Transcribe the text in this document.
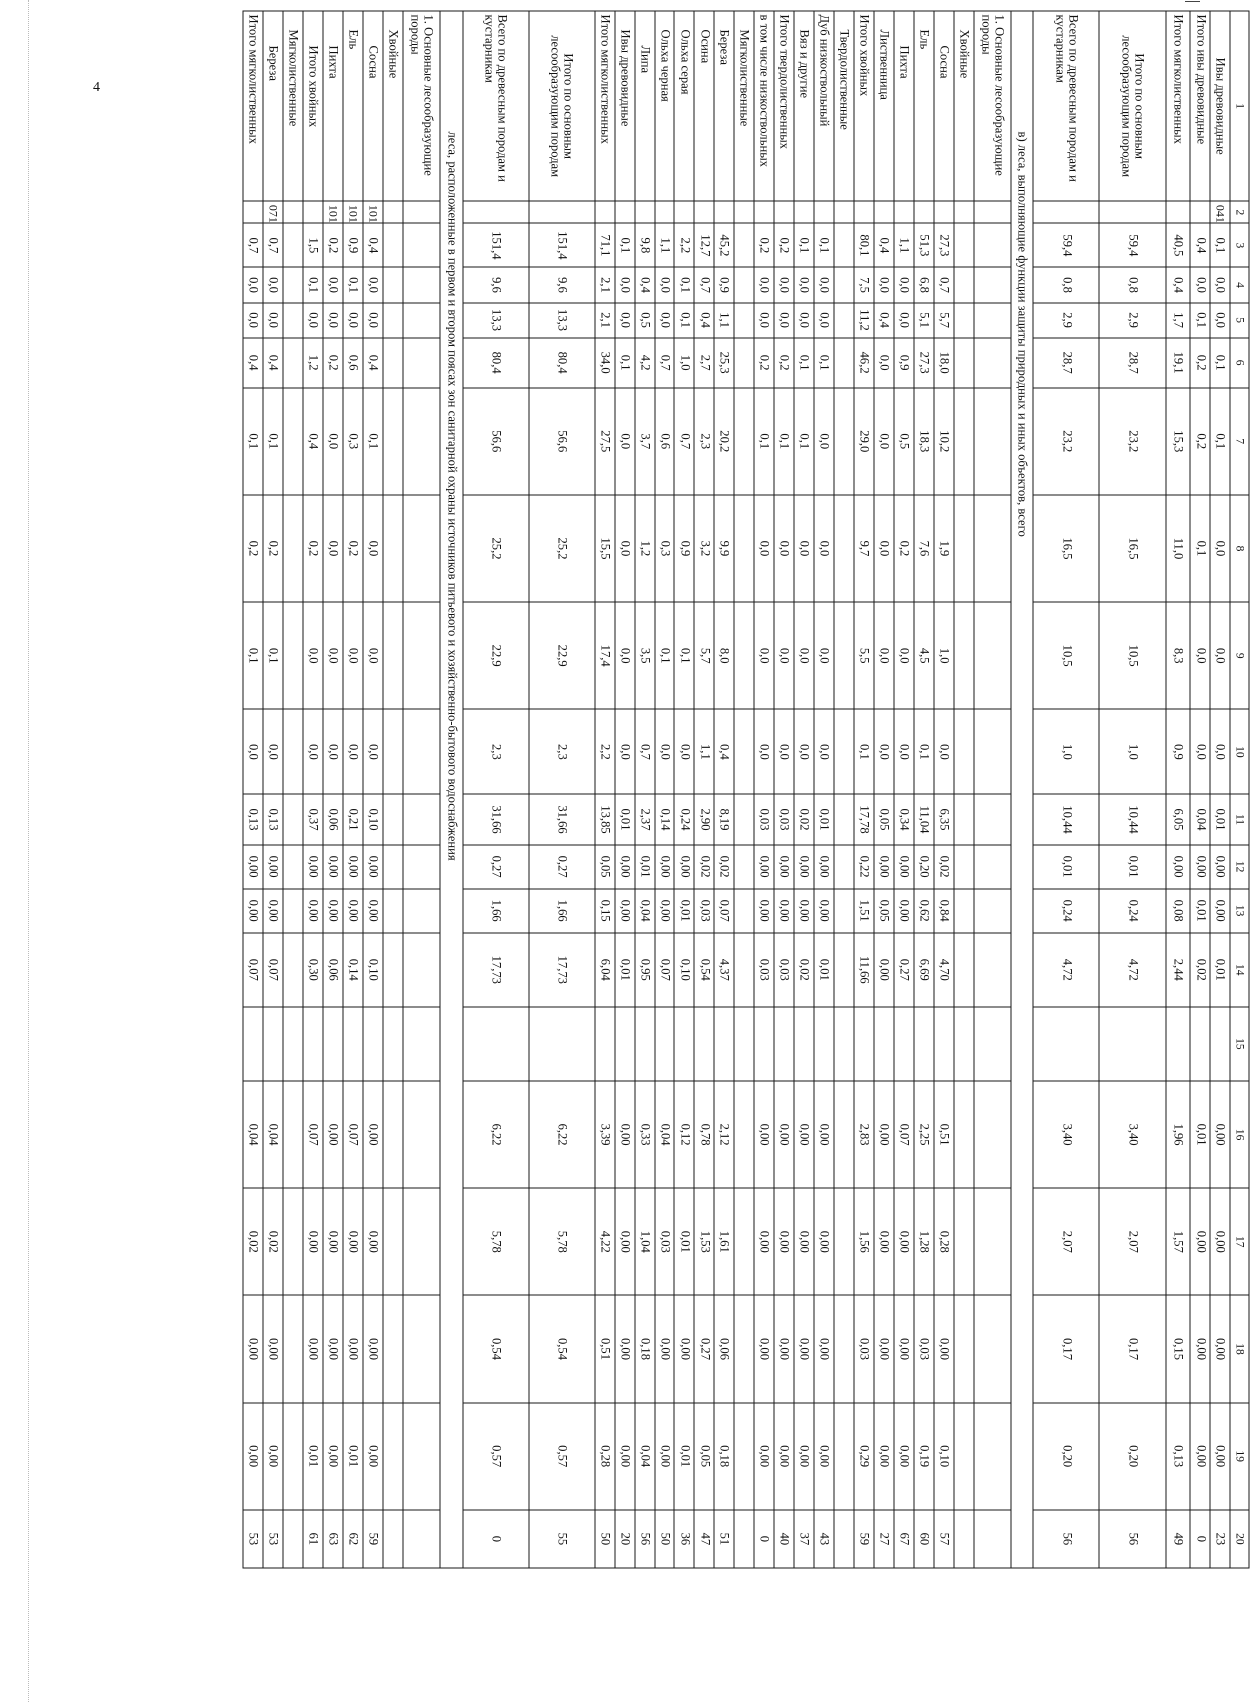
4
1	2	3	4	5	6	7	8	9	10	11	12	13	14	15	16	17	18	19	20
Ивы древовидные	041	0,1	0,0	0,0	0,1	0,1	0,0	0,0	0,0	0,01	0,00	0,00	0,01		0,00	0,00	0,00	0,00	23
Итого ивы древовидные		0,4	0,0	0,1	0,2	0,2	0,1	0,0	0,0	0,04	0,00	0,01	0,02		0,01	0,00	0,00	0,00	0
Итого мягколиственных		40,5	0,4	1,7	19,1	15,3	11,0	8,3	0,9	6,05	0,00	0,08	2,44		1,96	1,57	0,15	0,13	49
Итого по основным лесообразующим породам		59,4	0,8	2,9	28,7	23,2	16,5	10,5	1,0	10,44	0,01	0,24	4,72		3,40	2,07	0,17	0,20	56
Всего по древесным породам и кустарникам		59,4	0,8	2,9	28,7	23,2	16,5	10,5	1,0	10,44	0,01	0,24	4,72		3,40	2,07	0,17	0,20	56
в) леса, выполняющие функции защиты природных и иных объектов, всего																			
1. Основные лесообразующие породы																			
Хвойные																			
Сосна		27,3	0,7	5,7	18,0	10,2	1,9	1,0	0,0	6,35	0,02	0,84	4,70		0,51	0,28	0,00	0,10	57
Ель		51,3	6,8	5,1	27,3	18,3	7,6	4,5	0,1	11,04	0,20	0,62	6,69		2,25	1,28	0,03	0,19	60
Пихта		1,1	0,0	0,0	0,9	0,5	0,2	0,0	0,0	0,34	0,00	0,00	0,27		0,07	0,00	0,00	0,00	67
Лиственница		0,4	0,0	0,4	0,0	0,0	0,0	0,0	0,0	0,05	0,00	0,05	0,00		0,00	0,00	0,00	0,00	27
Итого хвойных		80,1	7,5	11,2	46,2	29,0	9,7	5,5	0,1	17,78	0,22	1,51	11,66		2,83	1,56	0,03	0,29	59
Твердолиственные																			
Дуб низкоствольный		0,1	0,0	0,0	0,1	0,0	0,0	0,0	0,0	0,01	0,00	0,00	0,01		0,00	0,00	0,00	0,00	43
Вяз и другие		0,1	0,0	0,0	0,1	0,1	0,0	0,0	0,0	0,02	0,00	0,00	0,02		0,00	0,00	0,00	0,00	37
Итого твердолиственных		0,2	0,0	0,0	0,2	0,1	0,0	0,0	0,0	0,03	0,00	0,00	0,03		0,00	0,00	0,00	0,00	40
в том числе низкоствольных		0,2	0,0	0,0	0,2	0,1	0,0	0,0	0,0	0,03	0,00	0,00	0,03		0,00	0,00	0,00	0,00	0
Мягколиственные																			
Береза		45,2	0,9	1,1	25,3	20,2	9,9	8,0	0,4	8,19	0,02	0,07	4,37		2,12	1,61	0,06	0,18	51
Осина		12,7	0,7	0,4	2,7	2,3	3,2	5,7	1,1	2,90	0,02	0,03	0,54		0,78	1,53	0,27	0,05	47
Ольха серая		2,2	0,1	0,1	1,0	0,7	0,9	0,1	0,0	0,24	0,00	0,01	0,10		0,12	0,01	0,00	0,01	36
Ольха черная		1,1	0,0	0,0	0,7	0,6	0,3	0,1	0,0	0,14	0,00	0,00	0,07		0,04	0,03	0,00	0,00	50
Липа		9,8	0,4	0,5	4,2	3,7	1,2	3,5	0,7	2,37	0,01	0,04	0,95		0,33	1,04	0,18	0,04	56
Ивы древовидные		0,1	0,0	0,0	0,1	0,0	0,0	0,0	0,0	0,01	0,00	0,00	0,01		0,00	0,00	0,00	0,00	20
Итого мягколиственных		71,1	2,1	2,1	34,0	27,5	15,5	17,4	2,2	13,85	0,05	0,15	6,04		3,39	4,22	0,51	0,28	50
Итого по основным лесообразующим породам		151,4	9,6	13,3	80,4	56,6	25,2	22,9	2,3	31,66	0,27	1,66	17,73		6,22	5,78	0,54	0,57	55
Всего по древесным породам и кустарникам		151,4	9,6	13,3	80,4	56,6	25,2	22,9	2,3	31,66	0,27	1,66	17,73		6,22	5,78	0,54	0,57	0
леса, расположенные в первом и втором поясах зон санитарной охраны источников питьевого и хозяйственно-бытового водоснабжения																			
1. Основные лесообразующие породы																			
Хвойные																			
Сосна	101	0,4	0,0	0,0	0,4	0,1	0,0	0,0	0,0	0,10	0,00	0,00	0,10		0,00	0,00	0,00	0,00	59
Ель	101	0,9	0,1	0,0	0,6	0,3	0,2	0,0	0,0	0,21	0,00	0,00	0,14		0,07	0,00	0,00	0,01	62
Пихта	101	0,2	0,0	0,0	0,2	0,0	0,0	0,0	0,0	0,06	0,00	0,00	0,06		0,00	0,00	0,00	0,00	63
Итого хвойных		1,5	0,1	0,0	1,2	0,4	0,2	0,0	0,0	0,37	0,00	0,00	0,30		0,07	0,00	0,00	0,01	61
Мягколиственные																			
Береза	071	0,7	0,0	0,0	0,4	0,1	0,2	0,1	0,0	0,13	0,00	0,00	0,07		0,04	0,02	0,00	0,00	53
Итого мягколиственных		0,7	0,0	0,0	0,4	0,1	0,2	0,1	0,0	0,13	0,00	0,00	0,07		0,04	0,02	0,00	0,00	53
